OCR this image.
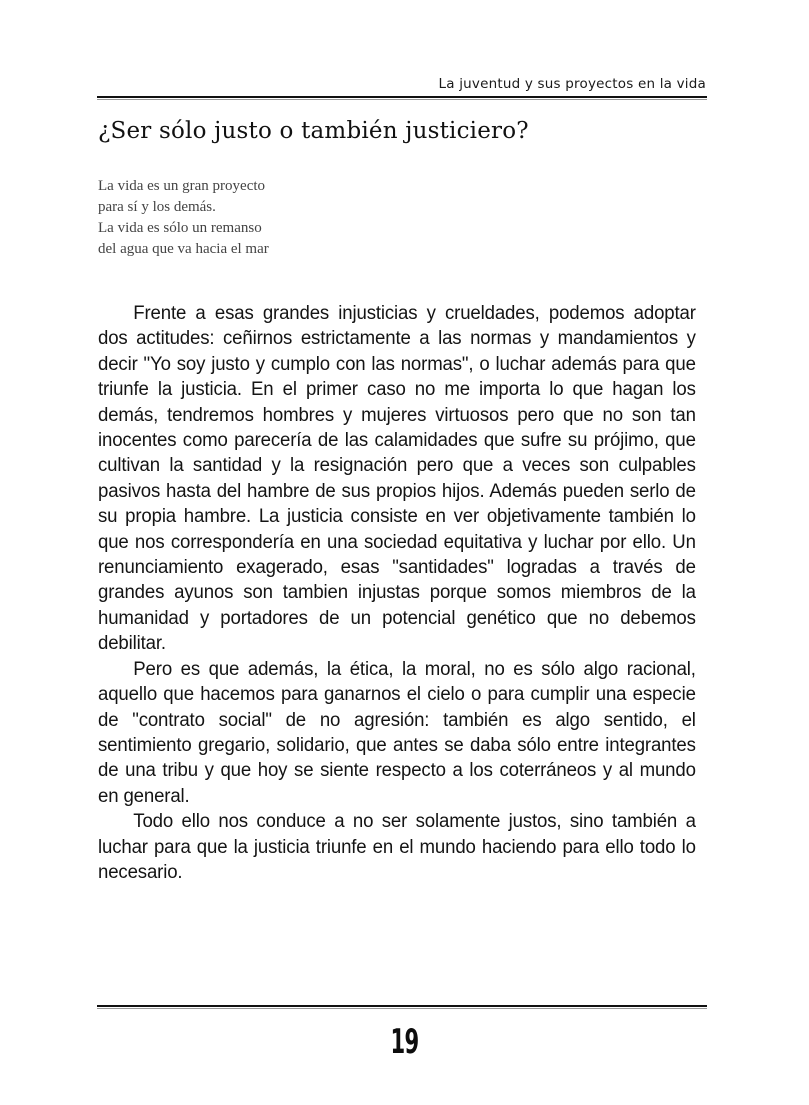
La juventud y sus proyectos en la vida
¿Ser sólo justo o también justiciero?
La vida es un gran proyecto
para sí y los demás.
La vida es sólo un remanso
del agua que va hacia el mar

Frente a esas grandes injusticias y crueldades, podemos adoptar dos actitudes: ceñirnos estrictamente a las normas y mandamientos y decir "Yo soy justo y cumplo con las normas", o luchar además para que triunfe la justicia. En el primer caso no me importa lo que hagan los demás, tendremos hombres y mujeres virtuosos pero que no son tan inocentes como parecería de las calamidades que sufre su prójimo, que cultivan la santidad y la resignación pero que a veces son culpables pasivos hasta del hambre de sus propios hijos. Además pueden serlo de su propia hambre. La justicia consiste en ver objetivamente también lo que nos correspondería en una sociedad equitativa y luchar por ello. Un renunciamiento exagerado, esas "santidades" logradas a través de grandes ayunos son tambien injustas porque somos miembros de la humanidad y portadores de un potencial genético que no debemos debilitar.

Pero es que además, la ética, la moral, no es sólo algo racional, aquello que hacemos para ganarnos el cielo o para cumplir una especie de "contrato social" de no agresión: también es algo sentido, el sentimiento gregario, solidario, que antes se daba sólo entre integrantes de una tribu y que hoy se siente respecto a los coterráneos y al mundo en general.

Todo ello nos conduce a no ser solamente justos, sino también a luchar para que la justicia triunfe en el mundo haciendo para ello todo lo necesario.

19
